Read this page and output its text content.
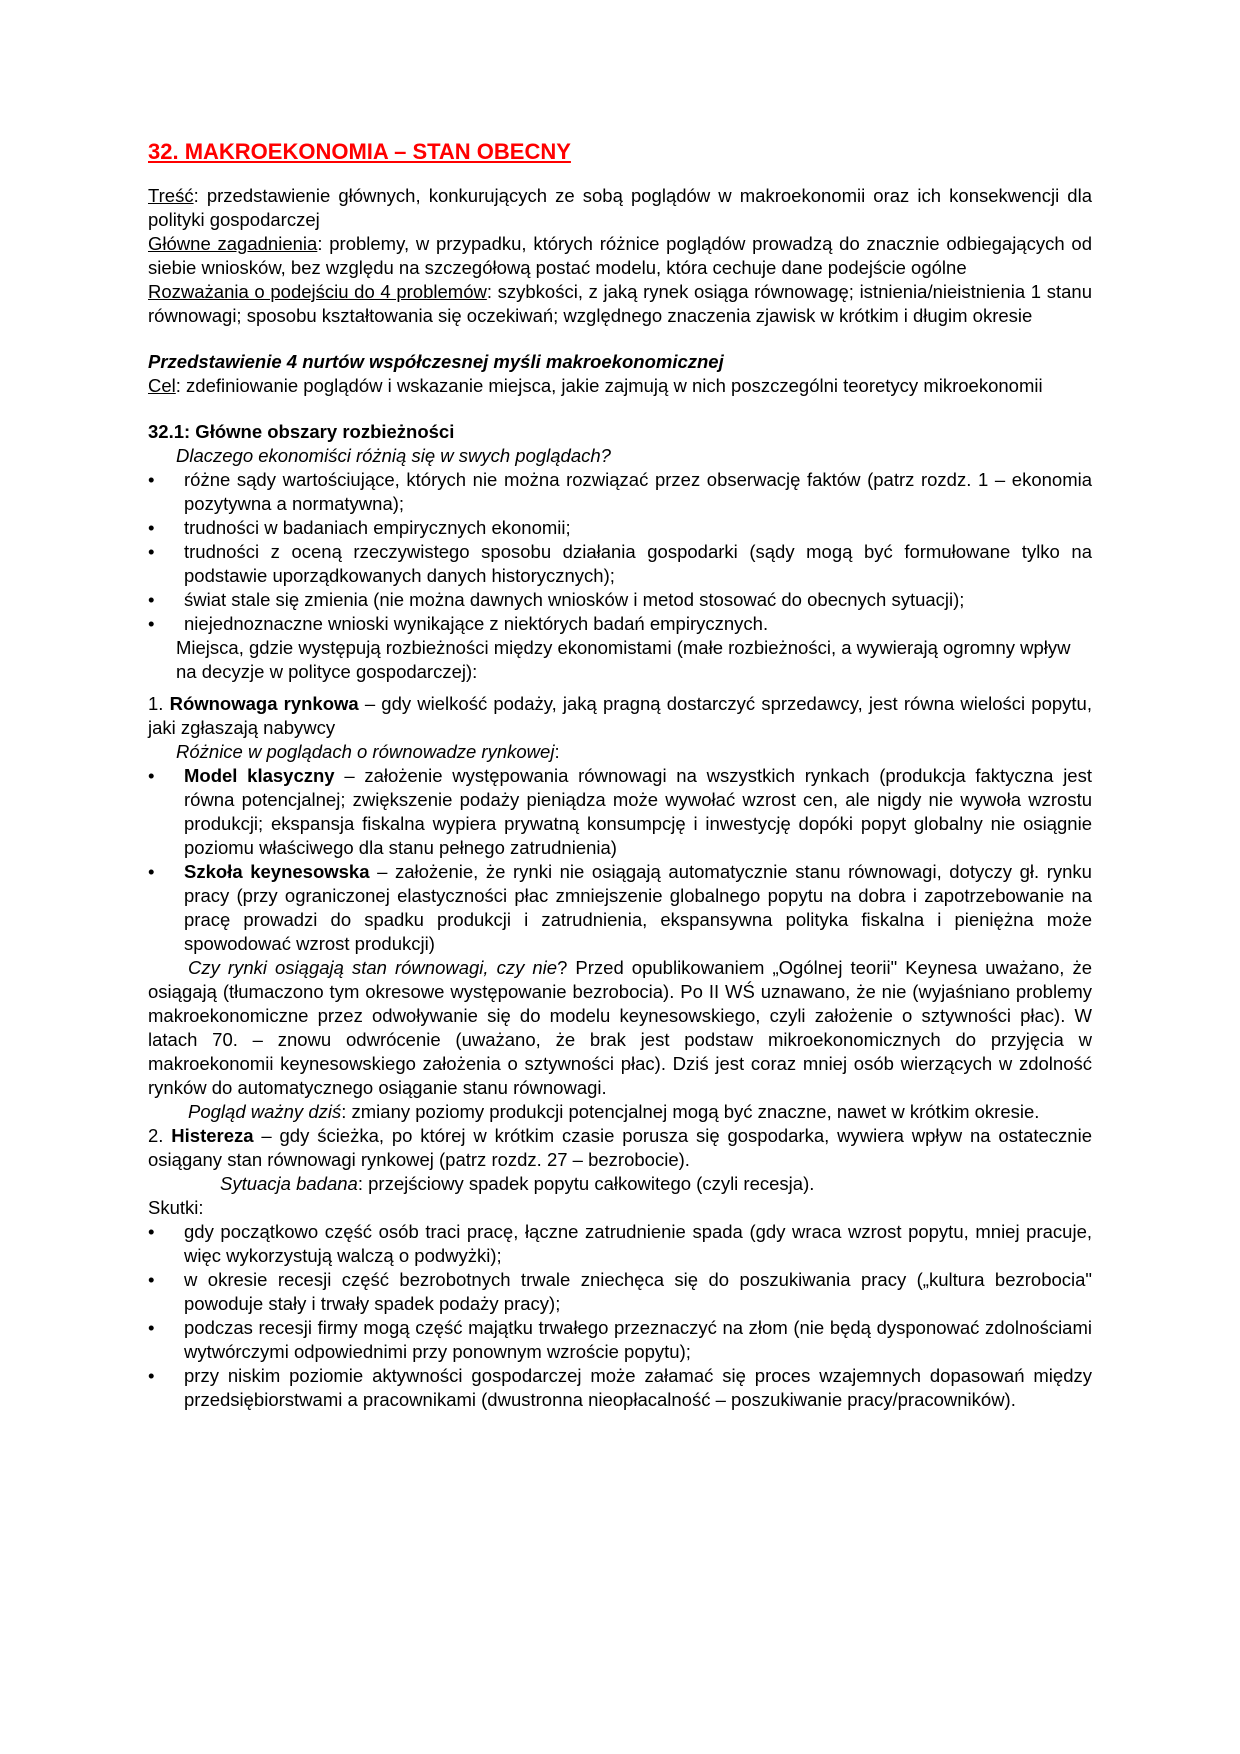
32. MAKROEKONOMIA – STAN OBECNY

Treść: przedstawienie głównych, konkurujących ze sobą poglądów w makroekonomii oraz ich konsekwencji dla polityki gospodarczej

Główne zagadnienia: problemy, w przypadku, których różnice poglądów prowadzą do znacznie odbiegających od siebie wniosków, bez względu na szczegółową postać modelu, która cechuje dane podejście ogólne

Rozważania o podejściu do 4 problemów: szybkości, z jaką rynek osiąga równowagę; istnienia/nieistnienia 1 stanu równowagi; sposobu kształtowania się oczekiwań; względnego znaczenia zjawisk w krótkim i długim okresie

Przedstawienie 4 nurtów współczesnej myśli makroekonomicznej

Cel: zdefiniowanie poglądów i wskazanie miejsca, jakie zajmują w nich poszczególni teoretycy mikroekonomii

32.1: Główne obszary rozbieżności

Dlaczego ekonomiści różnią się w swych poglądach?

• różne sądy wartościujące, których nie można rozwiązać przez obserwację faktów (patrz rozdz. 1 – ekonomia pozytywna a normatywna);
• trudności w badaniach empirycznych ekonomii;
• trudności z oceną rzeczywistego sposobu działania gospodarki (sądy mogą być formułowane tylko na podstawie uporządkowanych danych historycznych);
• świat stale się zmienia (nie można dawnych wniosków i metod stosować do obecnych sytuacji);
• niejednoznaczne wnioski wynikające z niektórych badań empirycznych.

Miejsca, gdzie występują rozbieżności między ekonomistami (małe rozbieżności, a wywierają ogromny wpływ na decyzje w polityce gospodarczej):

1. Równowaga rynkowa – gdy wielkość podaży, jaką pragną dostarczyć sprzedawcy, jest równa wielości popytu, jaki zgłaszają nabywcy

Różnice w poglądach o równowadze rynkowej:

• Model klasyczny – założenie występowania równowagi na wszystkich rynkach (produkcja faktyczna jest równa potencjalnej; zwiększenie podaży pieniądza może wywołać wzrost cen, ale nigdy nie wywoła wzrostu produkcji; ekspansja fiskalna wypiera prywatną konsumpcję i inwestycję dopóki popyt globalny nie osiągnie poziomu właściwego dla stanu pełnego zatrudnienia)
• Szkoła keynesowska – założenie, że rynki nie osiągają automatycznie stanu równowagi, dotyczy gł. rynku pracy (przy ograniczonej elastyczności płac zmniejszenie globalnego popytu na dobra i zapotrzebowanie na pracę prowadzi do spadku produkcji i zatrudnienia, ekspansywna polityka fiskalna i pieniężna może spowodować wzrost produkcji)

Czy rynki osiągają stan równowagi, czy nie? Przed opublikowaniem „Ogólnej teorii" Keynesa uważano, że osiągają (tłumaczono tym okresowe występowanie bezrobocia). Po II WŚ uznawano, że nie (wyjaśniano problemy makroekonomiczne przez odwoływanie się do modelu keynesowskiego, czyli założenie o sztywności płac). W latach 70. – znowu odwrócenie (uważano, że brak jest podstaw mikroekonomicznych do przyjęcia w makroekonomii keynesowskiego założenia o sztywności płac). Dziś jest coraz mniej osób wierzących w zdolność rynków do automatycznego osiąganie stanu równowagi.

Pogląd ważny dziś: zmiany poziomy produkcji potencjalnej mogą być znaczne, nawet w krótkim okresie.

2. Histereza – gdy ścieżka, po której w krótkim czasie porusza się gospodarka, wywiera wpływ na ostatecznie osiągany stan równowagi rynkowej (patrz rozdz. 27 – bezrobocie).

Sytuacja badana: przejściowy spadek popytu całkowitego (czyli recesja).

Skutki:

• gdy początkowo część osób traci pracę, łączne zatrudnienie spada (gdy wraca wzrost popytu, mniej pracuje, więc wykorzystują walczą o podwyżki);
• w okresie recesji część bezrobotnych trwale zniechęca się do poszukiwania pracy („kultura bezrobocia" powoduje stały i trwały spadek podaży pracy);
• podczas recesji firmy mogą część majątku trwałego przeznaczyć na złom (nie będą dysponować zdolnościami wytwórczymi odpowiednimi przy ponownym wzroście popytu);
• przy niskim poziomie aktywności gospodarczej może załamać się proces wzajemnych dopasowań między przedsiębiorstwami a pracownikami (dwustronna nieopłacalność – poszukiwanie pracy/pracowników).
